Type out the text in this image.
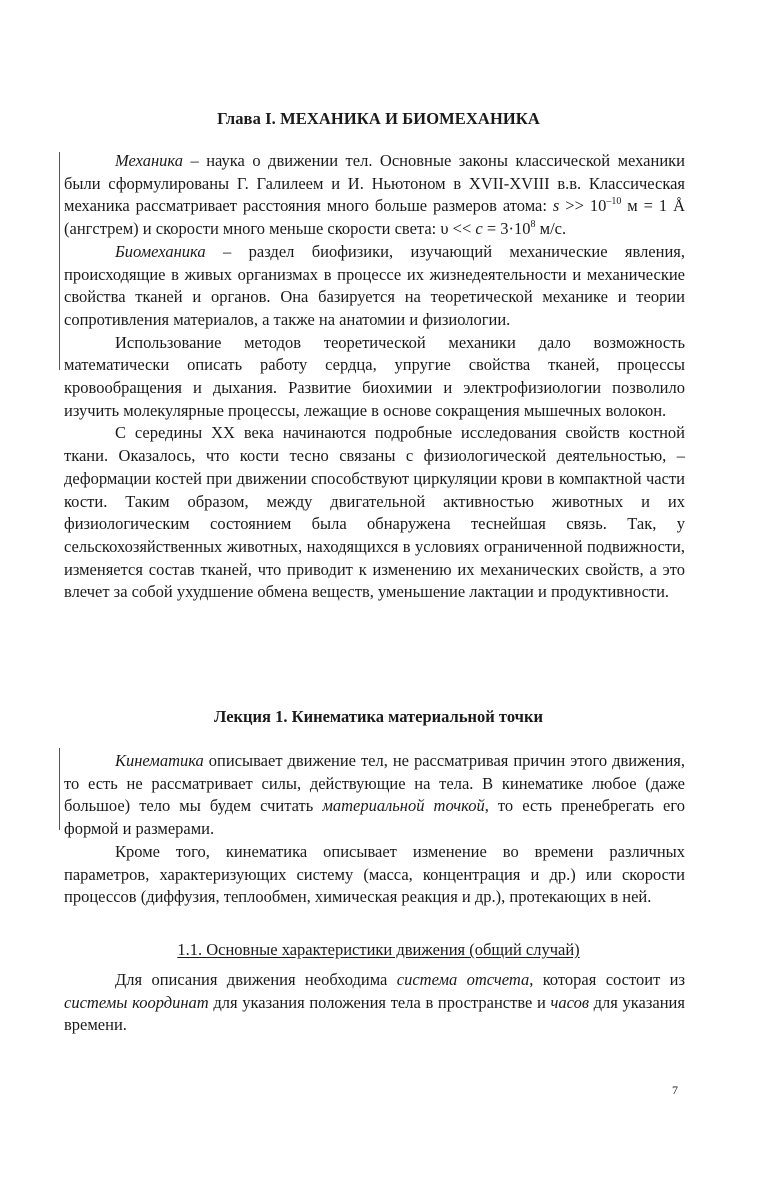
Глава I. МЕХАНИКА И БИОМЕХАНИКА

Механика – наука о движении тел. Основные законы классической механики были сформулированы Г. Галилеем и И. Ньютоном в XVII-XVIII в.в. Классическая механика рассматривает расстояния много больше размеров атома: $s >> 10^{-10}$ м = 1 Å (ангстрем) и скорости много меньше скорости света: $\upsilon << c = 3\cdot 10^8$ м/с.

Биомеханика – раздел биофизики, изучающий механические явления, происходящие в живых организмах в процессе их жизнедеятельности и механические свойства тканей и органов. Она базируется на теоретической механике и теории сопротивления материалов, а также на анатомии и физиологии.

Использование методов теоретической механики дало возможность математически описать работу сердца, упругие свойства тканей, процессы кровообращения и дыхания. Развитие биохимии и электрофизиологии позволило изучить молекулярные процессы, лежащие в основе сокращения мышечных волокон.

С середины XX века начинаются подробные исследования свойств костной ткани. Оказалось, что кости тесно связаны с физиологической деятельностью, – деформации костей при движении способствуют циркуляции крови в компактной части кости. Таким образом, между двигательной активностью животных и их физиологическим состоянием была обнаружена теснейшая связь. Так, у сельскохозяйственных животных, находящихся в условиях ограниченной подвижности, изменяется состав тканей, что приводит к изменению их механических свойств, а это влечет за собой ухудшение обмена веществ, уменьшение лактации и продуктивности.

Лекция 1. Кинематика материальной точки

Кинематика описывает движение тел, не рассматривая причин этого движения, то есть не рассматривает силы, действующие на тела. В кинематике любое (даже большое) тело мы будем считать материальной точкой, то есть пренебрегать его формой и размерами.

Кроме того, кинематика описывает изменение во времени различных параметров, характеризующих систему (масса, концентрация и др.) или скорости процессов (диффузия, теплообмен, химическая реакция и др.), протекающих в ней.

1.1. Основные характеристики движения (общий случай)

Для описания движения необходима система отсчета, которая состоит из системы координат для указания положения тела в пространстве и часов для указания времени.

7
